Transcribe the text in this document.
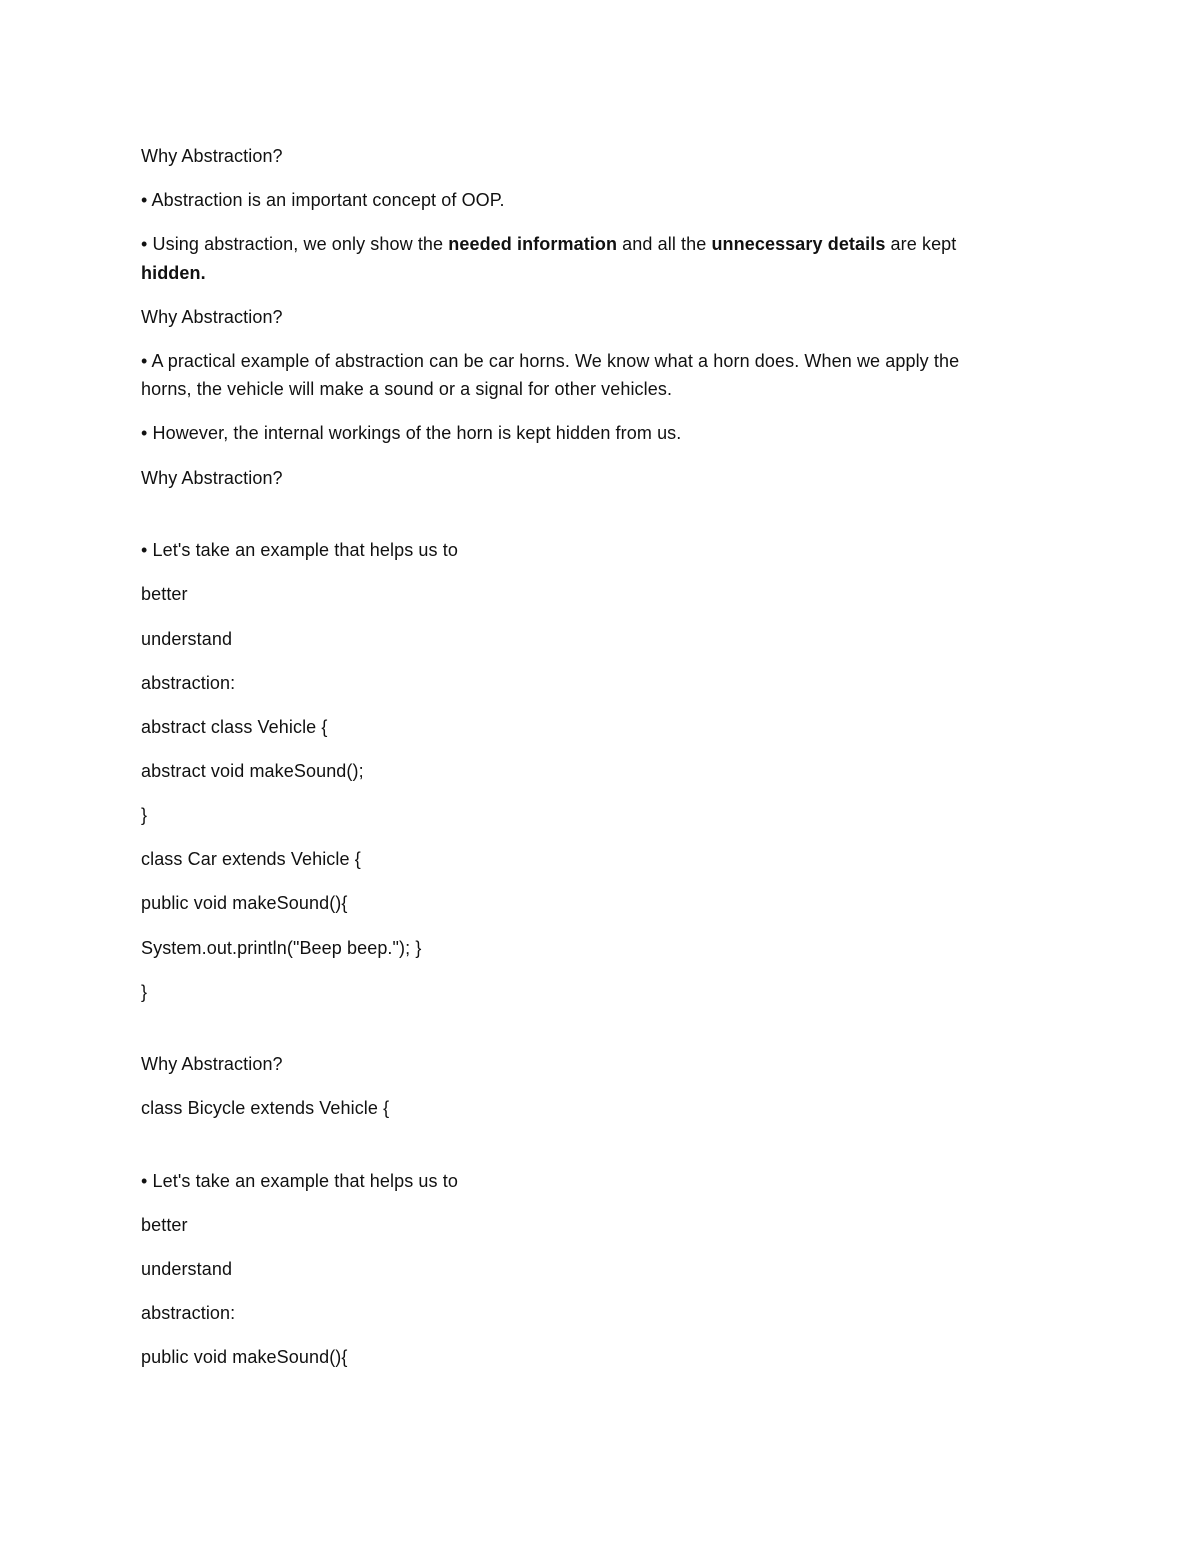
Why Abstraction?
• Abstraction is an important concept of OOP.
• Using abstraction, we only show the needed information and all the unnecessary details are kept
hidden.
Why Abstraction?
• A practical example of abstraction can be car horns. We know what a horn does. When we apply the
horns, the vehicle will make a sound or a signal for other vehicles.
• However, the internal workings of the horn is kept hidden from us.
Why Abstraction?
• Let's take an example that helps us to
better
understand
abstraction:
abstract class Vehicle {
abstract void makeSound();
}
class Car extends Vehicle {
public void makeSound(){
System.out.println("Beep beep."); }
}
Why Abstraction?
class Bicycle extends Vehicle {
• Let's take an example that helps us to
better
understand
abstraction:
public void makeSound(){
